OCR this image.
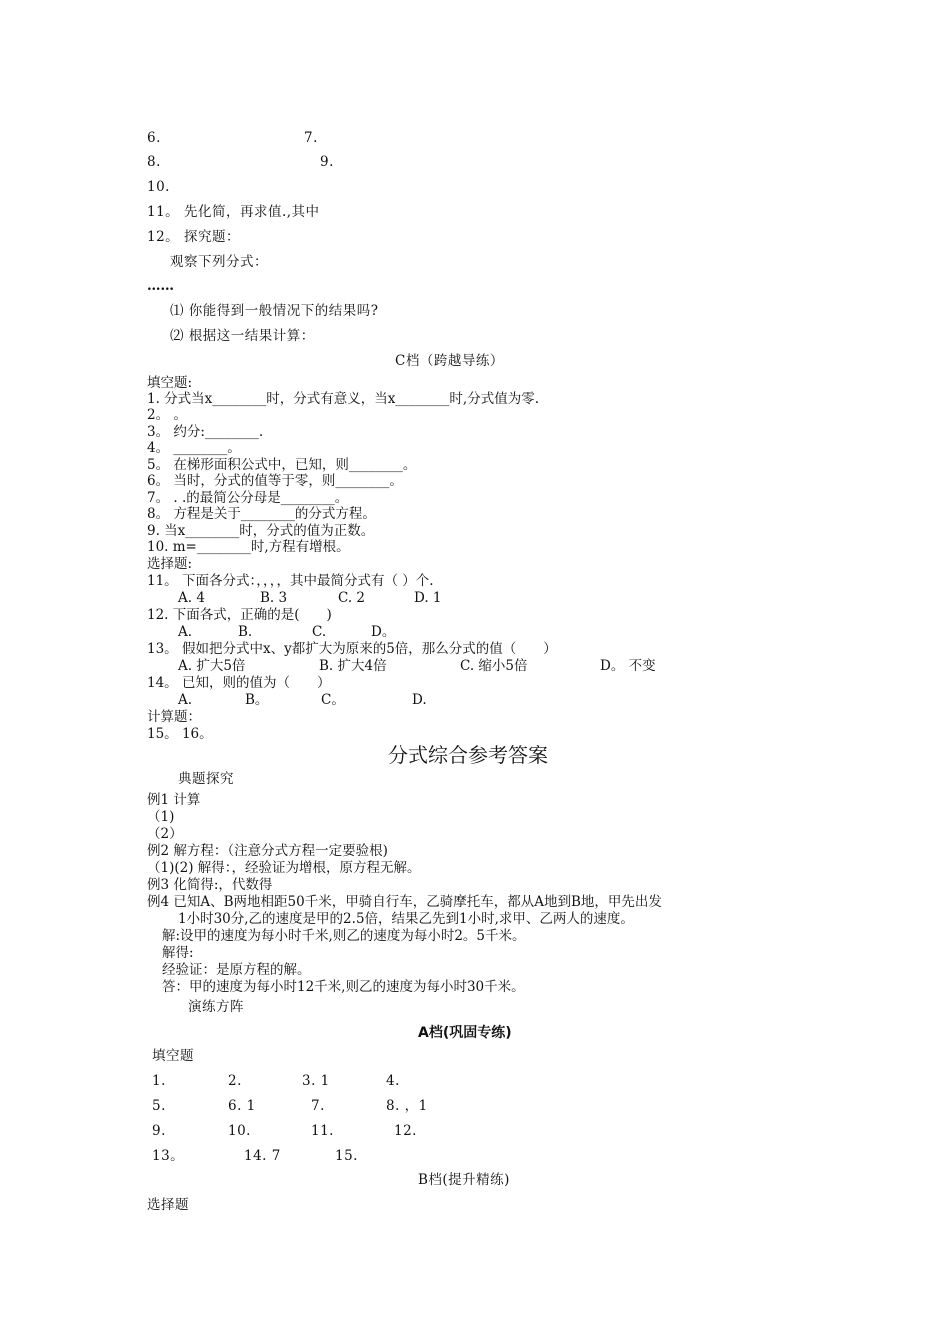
6.	7.
8.	9.
10.
11。 先化简，再求值.,其中
12。 探究题：
观察下列分式：
……
⑴ 你能得到一般情况下的结果吗?
⑵ 根据这一结果计算：
C档（跨越导练）
填空题:
1. 分式当x________时，分式有意义，当x________时,分式值为零.
2。 。
3。 约分:________.
4。 ________。
5。 在梯形面积公式中，已知，则________。
6。 当时，分式的值等于零，则________。
7。 . .的最简公分母是________。
8。 方程是关于________的分式方程。
9. 当x________时，分式的值为正数。
10. m=________时,方程有增根。
选择题:
11。 下面各分式：，，，，其中最简分式有（ ）个.
A. 4	B. 3	C. 2	D. 1
12. 下面各式，正确的是(　　)
A.	B.	C.	D。
13。 假如把分式中x、y都扩大为原来的5倍，那么分式的值（　　）
A. 扩大5倍	B. 扩大4倍	C. 缩小5倍	D。 不变
14。 已知，则的值为（　　）
A.	B。	C。	D.
计算题：
15。 16。
分式综合参考答案
典题探究
例1 计算
（1)
（2）
例2 解方程：（注意分式方程一定要验根)
（1)(2) 解得：，经验证为增根，原方程无解。
例3 化简得:，代数得
例4 已知A、B两地相距50千米，甲骑自行车，乙骑摩托车，都从A地到B地，甲先出发
1小时30分,乙的速度是甲的2.5倍，结果乙先到1小时,求甲、乙两人的速度。
解:设甲的速度为每小时千米,则乙的速度为每小时2。5千米。
解得:
经验证：是原方程的解。
答：甲的速度为每小时12千米,则乙的速度为每小时30千米。
演练方阵
A档(巩固专练)
填空题
1.	2.	3. 1	4.
5.	6. 1	7.	8. ，1
9.	10.	11.	12.
13。	14. 7	15.
B档(提升精练)
选择题
